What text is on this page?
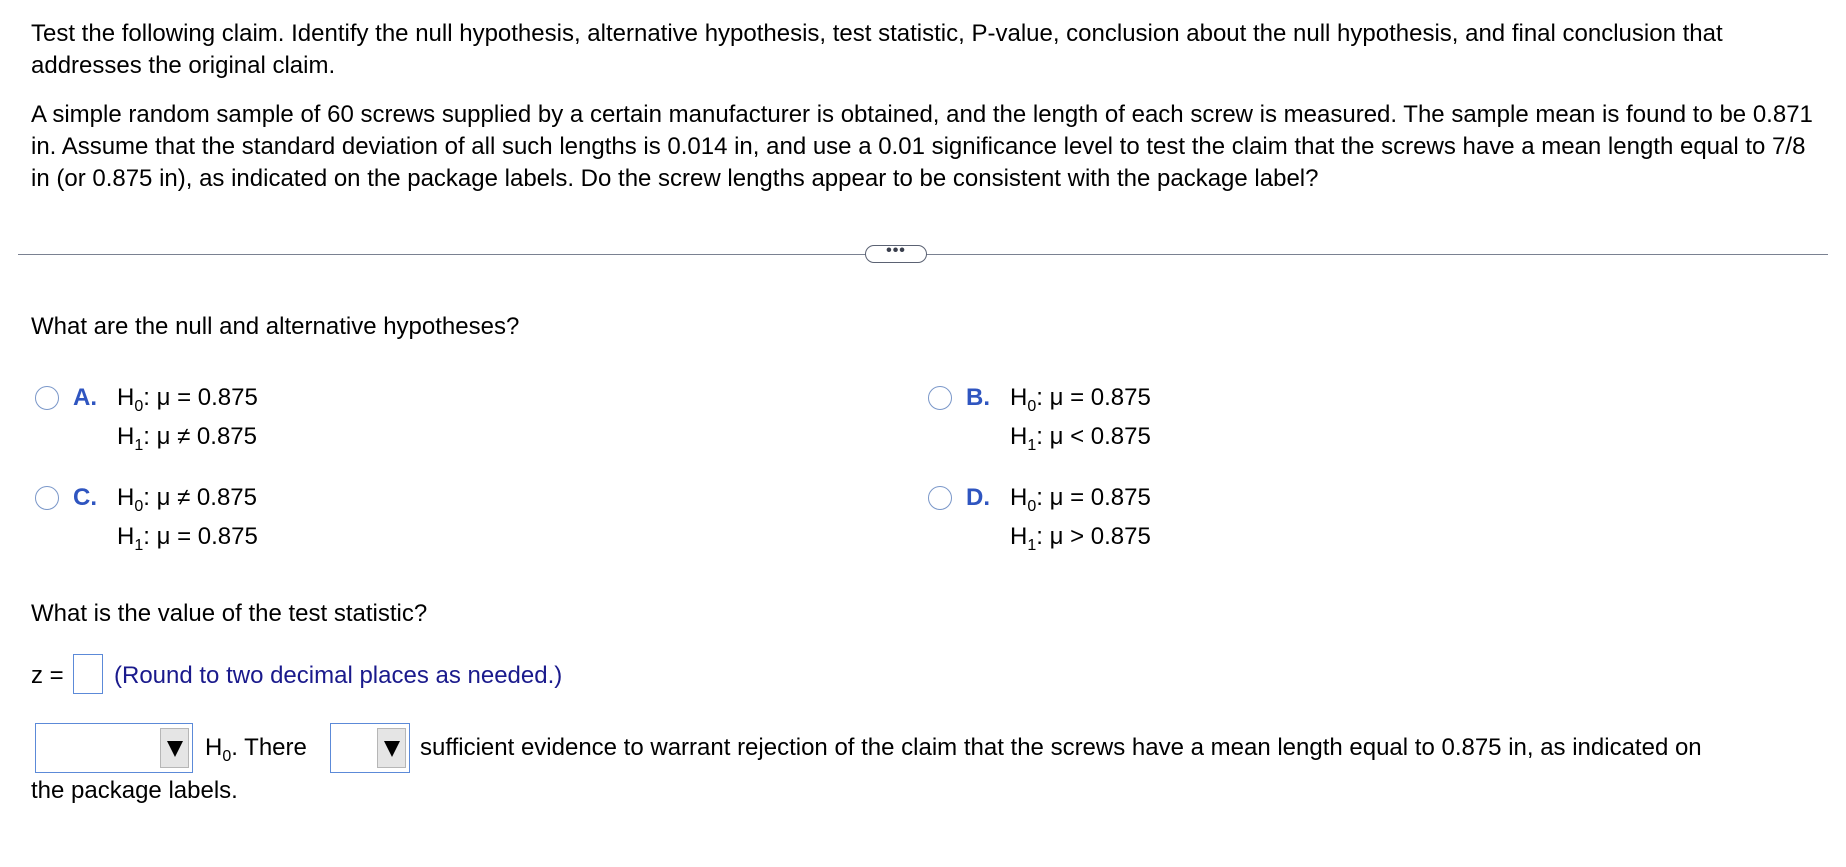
Test the following claim. Identify the null hypothesis, alternative hypothesis, test statistic, P-value, conclusion about the null hypothesis, and final conclusion that addresses the original claim.

A simple random sample of 60 screws supplied by a certain manufacturer is obtained, and the length of each screw is measured. The sample mean is found to be 0.871 in. Assume that the standard deviation of all such lengths is 0.014 in, and use a 0.01 significance level to test the claim that the screws have a mean length equal to 7/8 in (or 0.875 in), as indicated on the package labels. Do the screw lengths appear to be consistent with the package label?

•••

What are the null and alternative hypotheses?

A. $H_0$: μ = 0.875
$H_1$: μ ≠ 0.875
B. $H_0$: μ = 0.875
$H_1$: μ < 0.875
C. $H_0$: μ ≠ 0.875
$H_1$: μ = 0.875
D. $H_0$: μ = 0.875
$H_1$: μ > 0.875

What is the value of the test statistic?

z = (Round to two decimal places as needed.)
$H_0$. There	sufficient evidence to warrant rejection of the claim that the screws have a mean length equal to 0.875 in, as indicated on
the package labels.
